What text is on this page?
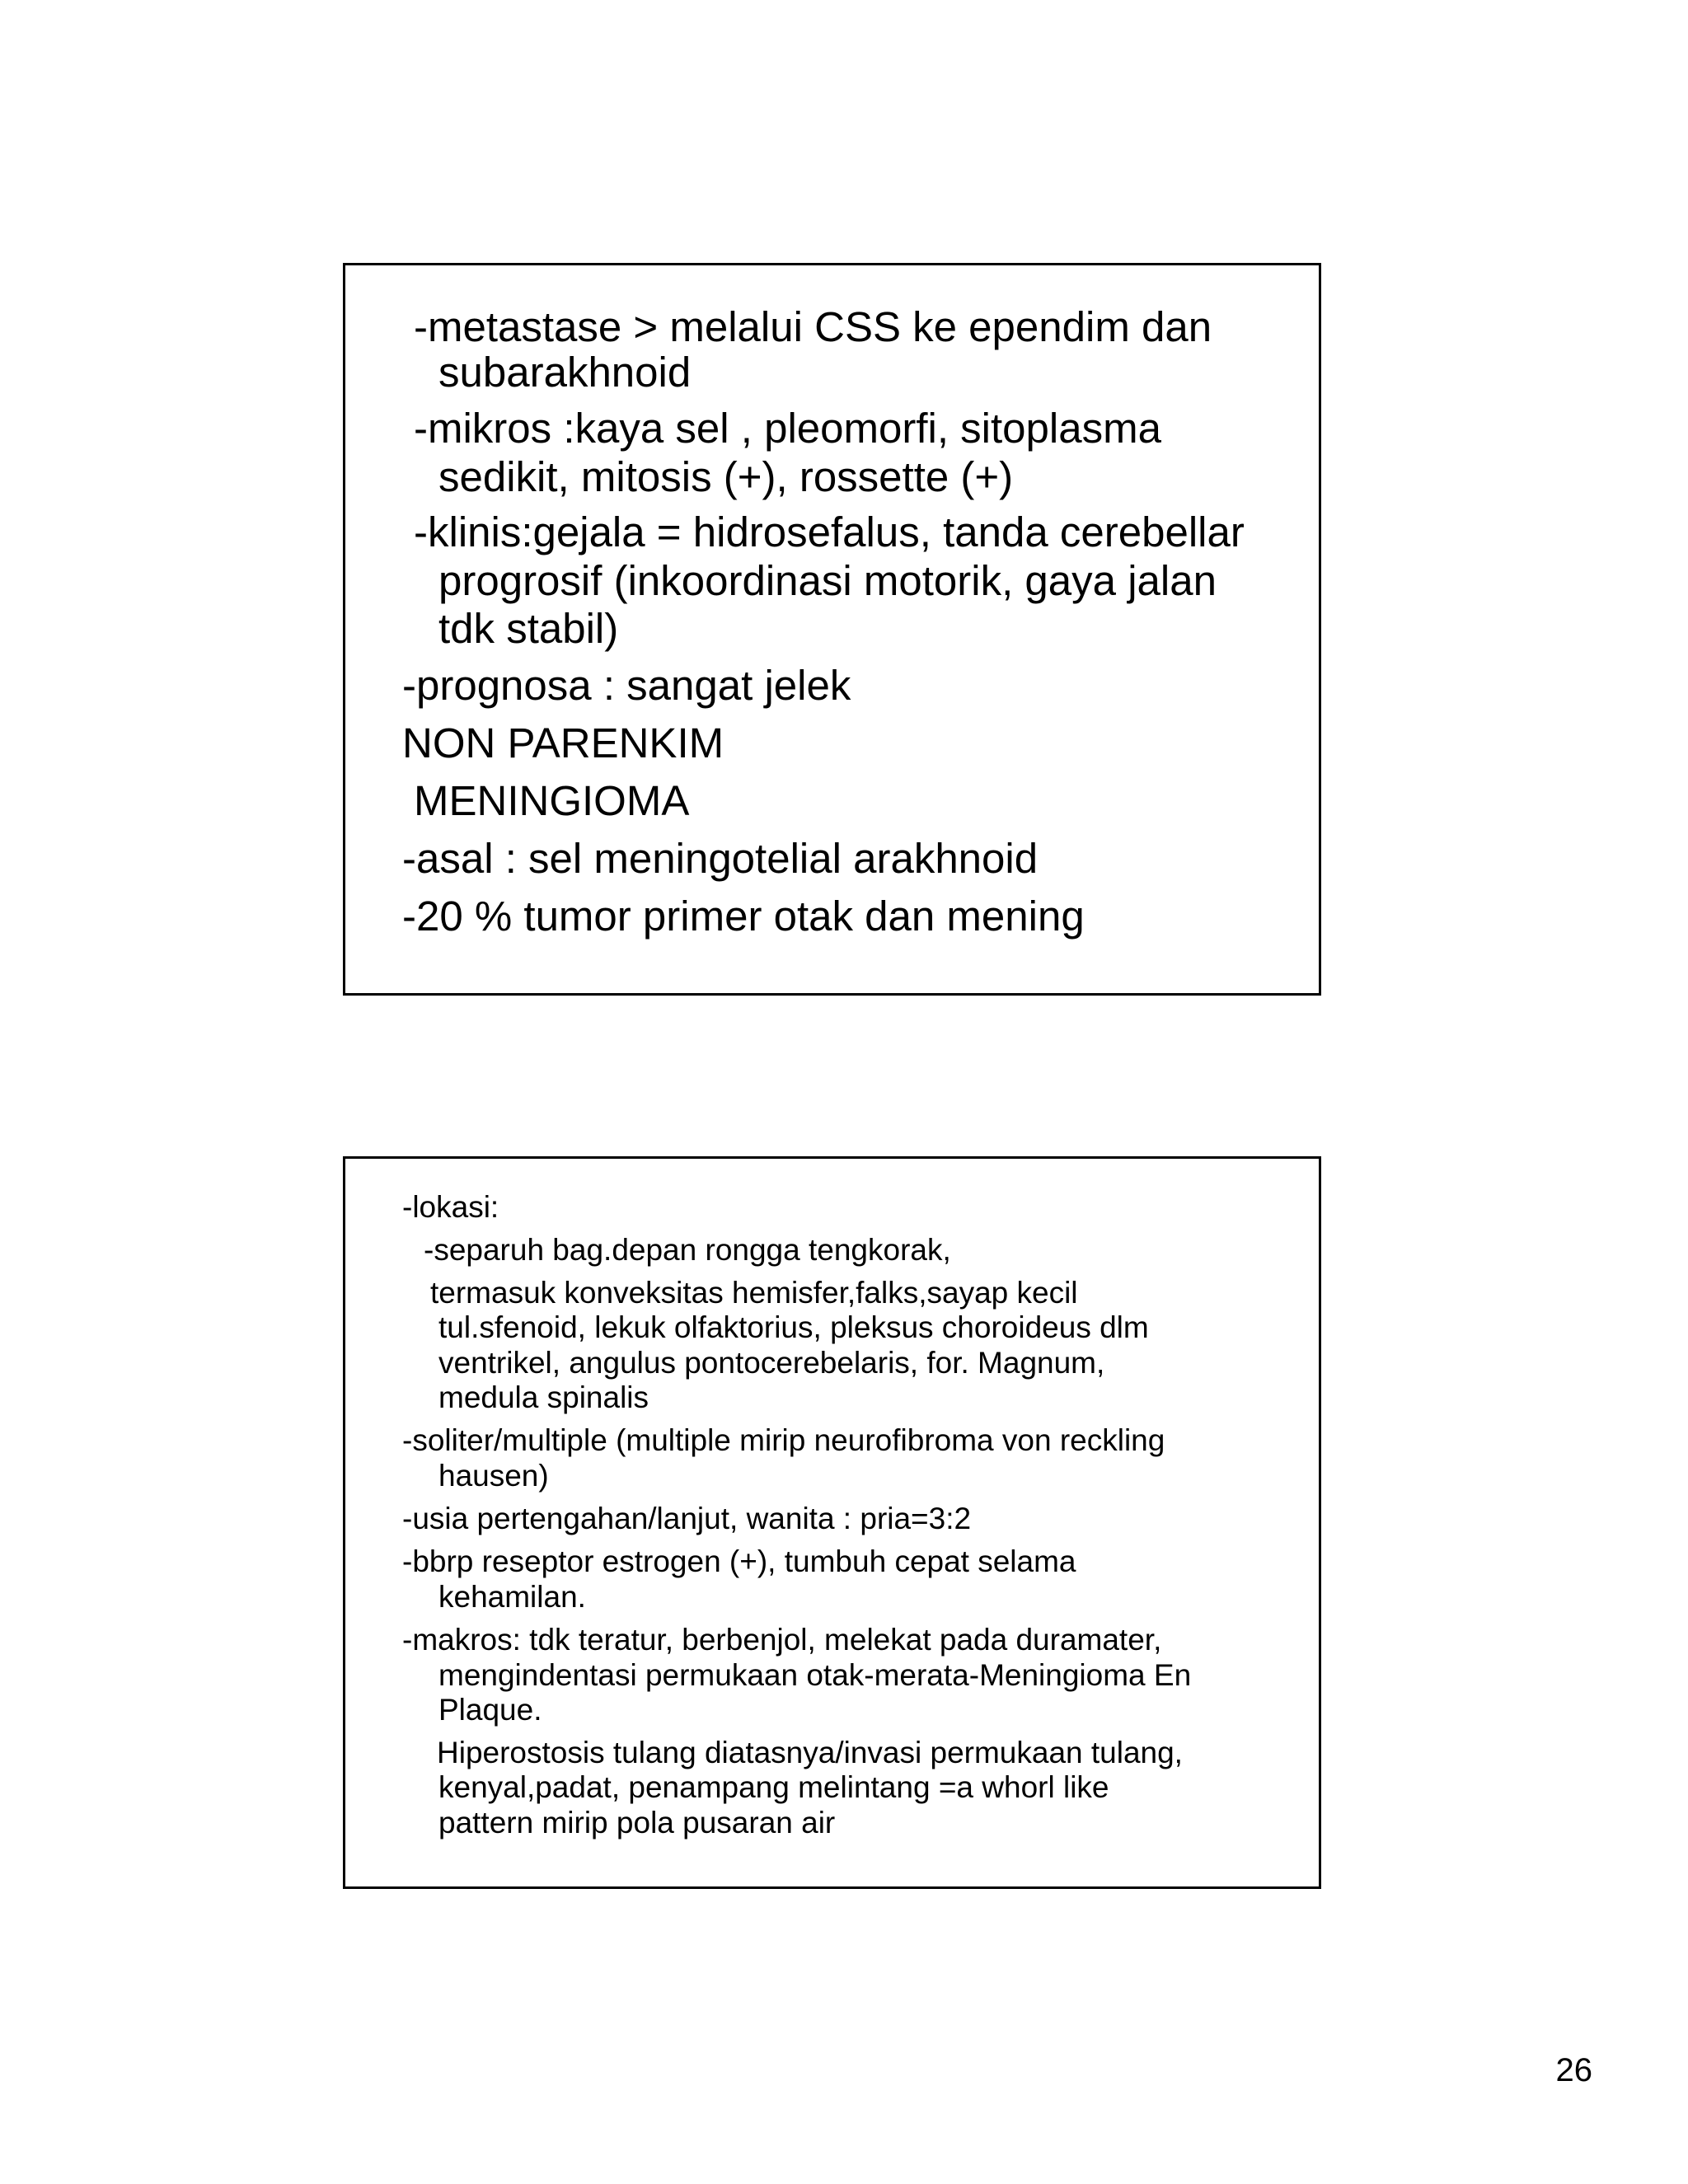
-metastase > melalui CSS ke ependim dan
subarakhnoid
-mikros :kaya sel , pleomorfi, sitoplasma
sedikit, mitosis (+), rossette (+)
-klinis:gejala = hidrosefalus, tanda cerebellar
progrosif (inkoordinasi motorik, gaya jalan
tdk stabil)
-prognosa : sangat jelek
NON PARENKIM
MENINGIOMA
-asal : sel meningotelial arakhnoid
-20 % tumor primer otak dan mening
-lokasi:
-separuh bag.depan rongga tengkorak,
termasuk konveksitas hemisfer,falks,sayap kecil
tul.sfenoid, lekuk olfaktorius, pleksus choroideus dlm
ventrikel, angulus pontocerebelaris, for. Magnum,
medula spinalis
-soliter/multiple (multiple mirip neurofibroma von reckling
hausen)
-usia pertengahan/lanjut, wanita : pria=3:2
-bbrp reseptor estrogen (+), tumbuh cepat selama
kehamilan.
-makros: tdk teratur, berbenjol, melekat pada duramater,
mengindentasi permukaan otak-merata-Meningioma En
Plaque.
Hiperostosis tulang diatasnya/invasi permukaan tulang,
kenyal,padat, penampang melintang =a whorl like
pattern mirip pola pusaran air
26
